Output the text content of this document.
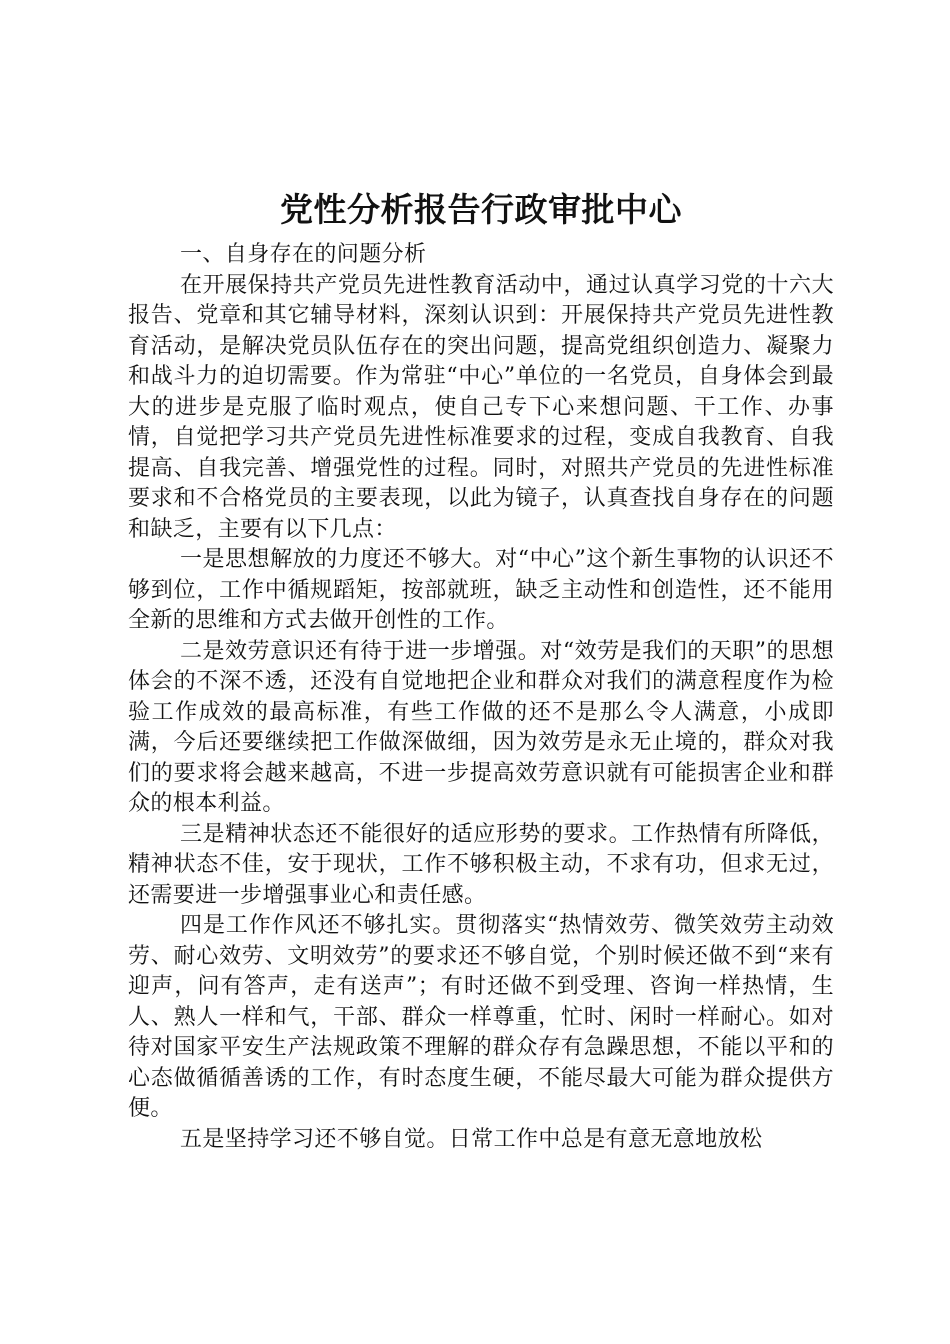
党性分析报告行政审批中心

一、自身存在的问题分析

在开展保持共产党员先进性教育活动中，通过认真学习党的十六大报告、党章和其它辅导材料，深刻认识到：开展保持共产党员先进性教育活动，是解决党员队伍存在的突出问题，提高党组织创造力、凝聚力和战斗力的迫切需要。作为常驻“中心”单位的一名党员，自身体会到最大的进步是克服了临时观点，使自己专下心来想问题、干工作、办事情，自觉把学习共产党员先进性标准要求的过程，变成自我教育、自我提高、自我完善、增强党性的过程。同时，对照共产党员的先进性标准要求和不合格党员的主要表现，以此为镜子，认真查找自身存在的问题和缺乏，主要有以下几点：

一是思想解放的力度还不够大。对“中心”这个新生事物的认识还不够到位，工作中循规蹈矩，按部就班，缺乏主动性和创造性，还不能用全新的思维和方式去做开创性的工作。

二是效劳意识还有待于进一步增强。对“效劳是我们的天职”的思想体会的不深不透，还没有自觉地把企业和群众对我们的满意程度作为检验工作成效的最高标准，有些工作做的还不是那么令人满意，小成即满，今后还要继续把工作做深做细，因为效劳是永无止境的，群众对我们的要求将会越来越高，不进一步提高效劳意识就有可能损害企业和群众的根本利益。

三是精神状态还不能很好的适应形势的要求。工作热情有所降低，精神状态不佳，安于现状，工作不够积极主动，不求有功，但求无过，还需要进一步增强事业心和责任感。

四是工作作风还不够扎实。贯彻落实“热情效劳、微笑效劳主动效劳、耐心效劳、文明效劳”的要求还不够自觉，个别时候还做不到“来有迎声，问有答声，走有送声”；有时还做不到受理、咨询一样热情，生人、熟人一样和气，干部、群众一样尊重，忙时、闲时一样耐心。如对待对国家平安生产法规政策不理解的群众存有急躁思想，不能以平和的心态做循循善诱的工作，有时态度生硬，不能尽最大可能为群众提供方便。

五是坚持学习还不够自觉。日常工作中总是有意无意地放松
